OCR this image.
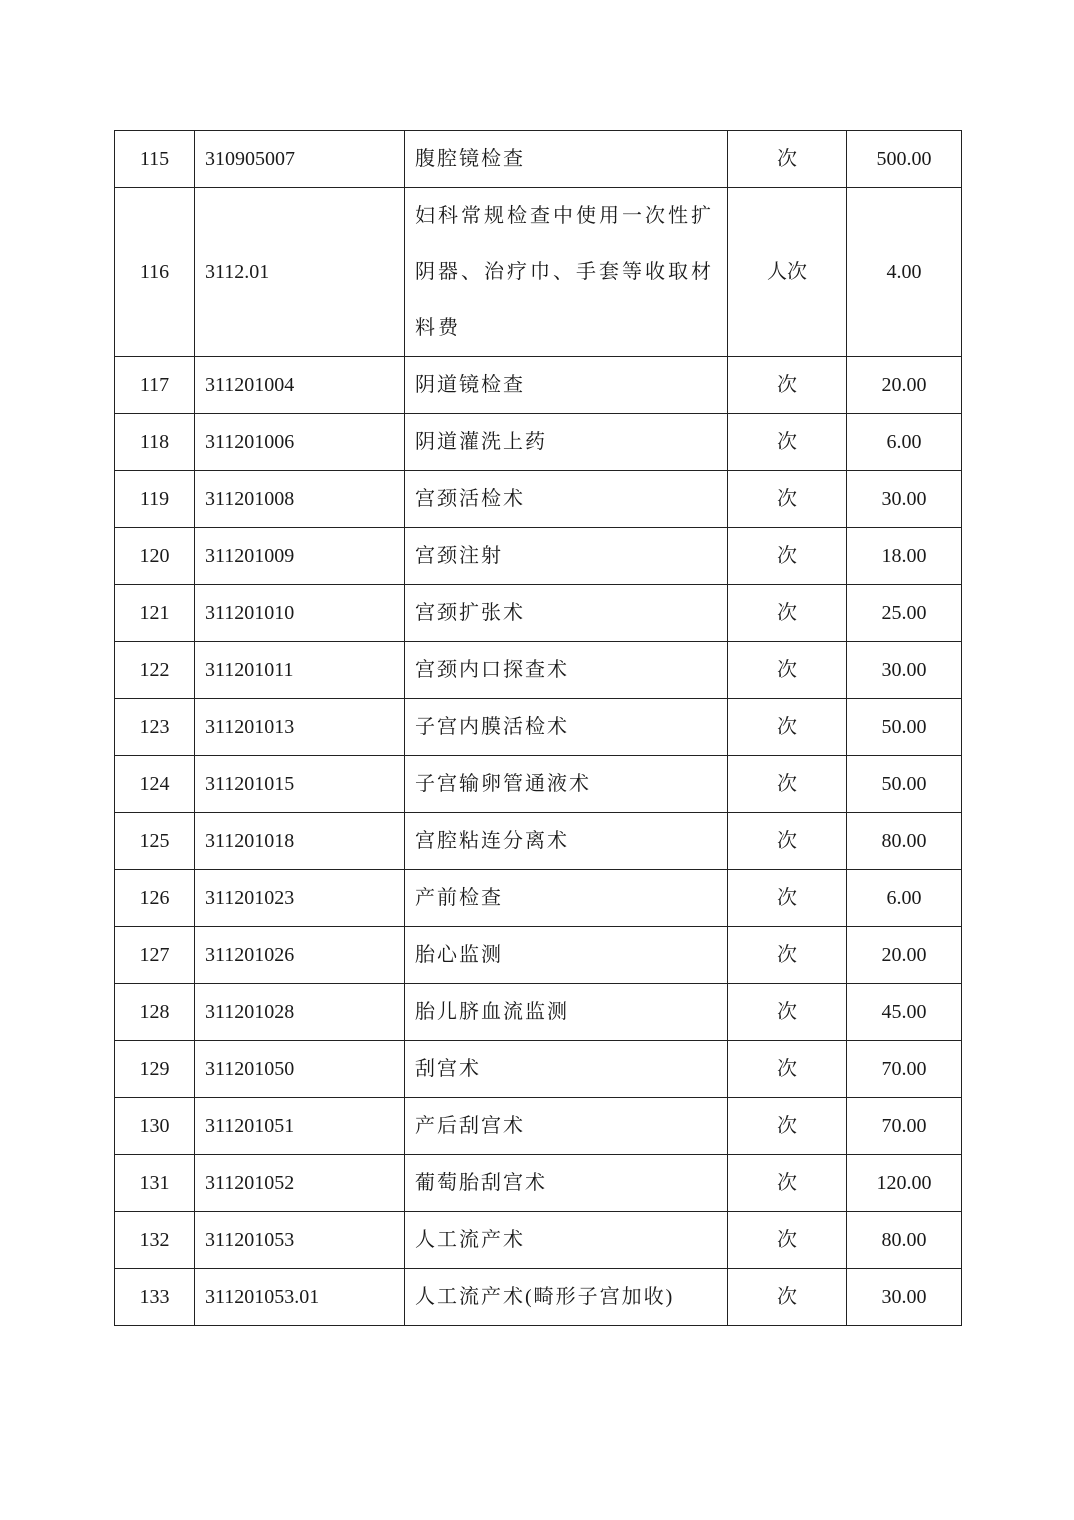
115	310905007	腹腔镜检查	次	500.00
116	3112.01	妇科常规检查中使用一次性扩阴器、治疗巾、手套等收取材料费	人次	4.00
117	311201004	阴道镜检查	次	20.00
118	311201006	阴道灌洗上药	次	6.00
119	311201008	宫颈活检术	次	30.00
120	311201009	宫颈注射	次	18.00
121	311201010	宫颈扩张术	次	25.00
122	311201011	宫颈内口探查术	次	30.00
123	311201013	子宫内膜活检术	次	50.00
124	311201015	子宫输卵管通液术	次	50.00
125	311201018	宫腔粘连分离术	次	80.00
126	311201023	产前检查	次	6.00
127	311201026	胎心监测	次	20.00
128	311201028	胎儿脐血流监测	次	45.00
129	311201050	刮宫术	次	70.00
130	311201051	产后刮宫术	次	70.00
131	311201052	葡萄胎刮宫术	次	120.00
132	311201053	人工流产术	次	80.00
133	311201053.01	人工流产术(畸形子宫加收)	次	30.00
